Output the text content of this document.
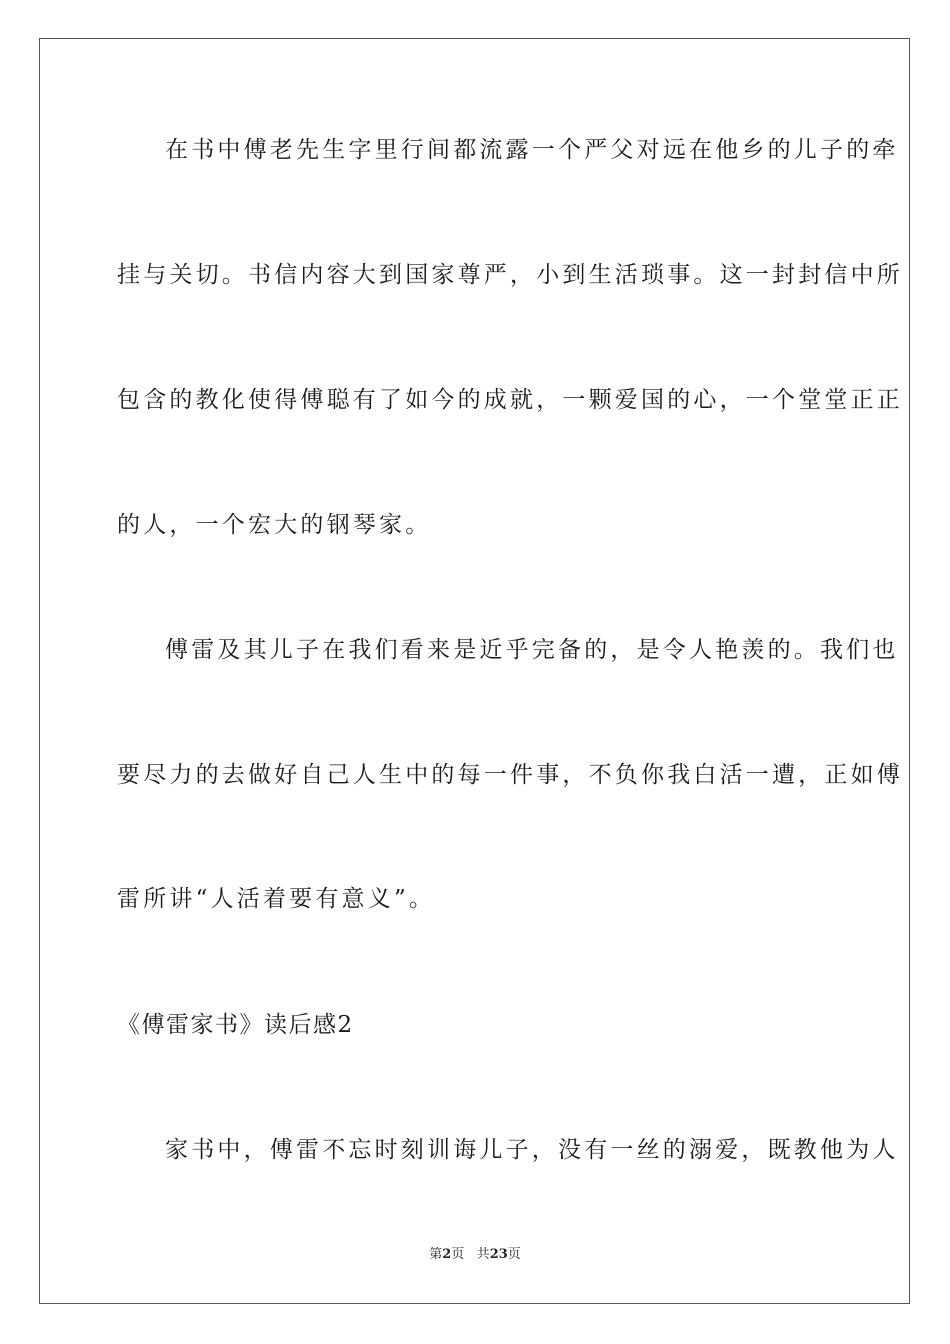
在书中傅老先生字里行间都流露一个严父对远在他乡的儿子的牵
挂与关切。书信内容大到国家尊严，小到生活琐事。这一封封信中所
包含的教化使得傅聪有了如今的成就，一颗爱国的心，一个堂堂正正
的人，一个宏大的钢琴家。
傅雷及其儿子在我们看来是近乎完备的，是令人艳羡的。我们也
要尽力的去做好自己人生中的每一件事，不负你我白活一遭，正如傅
雷所讲“人活着要有意义”。
《傅雷家书》读后感2
家书中，傅雷不忘时刻训诲儿子，没有一丝的溺爱，既教他为人
第2页 共23页
